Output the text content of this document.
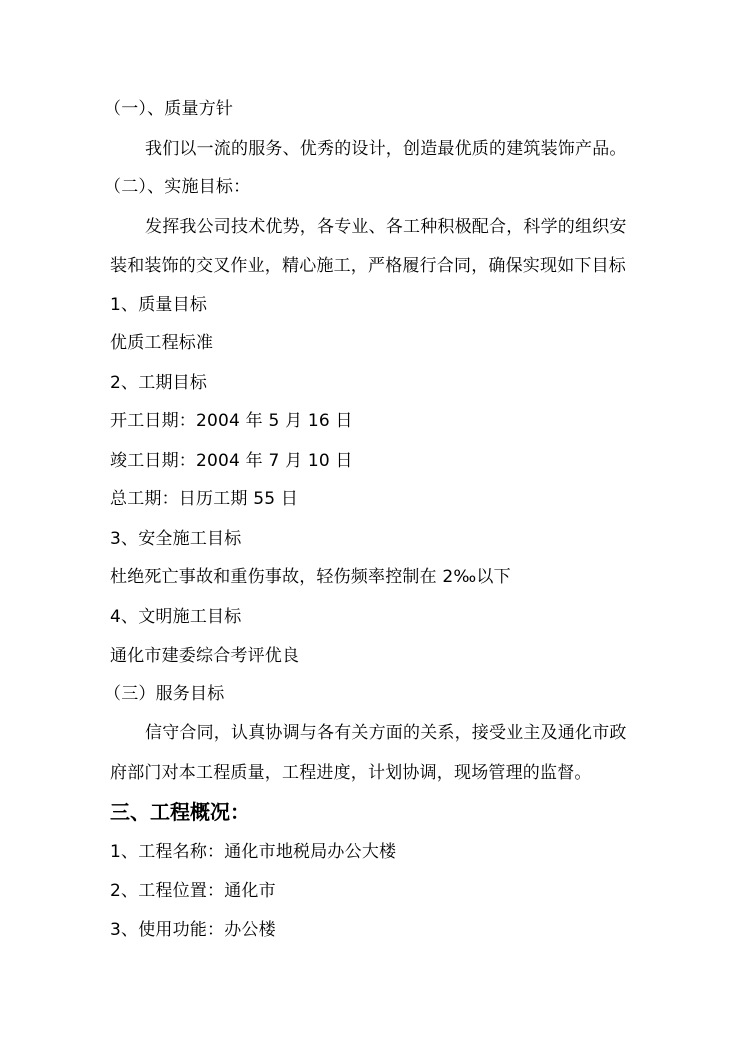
（一）、质量方针
我们以一流的服务、优秀的设计，创造最优质的建筑装饰产品。
（二）、实施目标：
发挥我公司技术优势，各专业、各工种积极配合，科学的组织安
装和装饰的交叉作业，精心施工，严格履行合同，确保实现如下目标
1、质量目标
优质工程标准
2、工期目标
开工日期：2004 年 5 月 16 日
竣工日期：2004 年 7 月 10 日
总工期：日历工期 55 日
3、安全施工目标
杜绝死亡事故和重伤事故，轻伤频率控制在 2‰以下
4、文明施工目标
通化市建委综合考评优良
（三）服务目标
信守合同，认真协调与各有关方面的关系，接受业主及通化市政
府部门对本工程质量，工程进度，计划协调，现场管理的监督。
三、工程概况：
1、工程名称：通化市地税局办公大楼
2、工程位置：通化市
3、使用功能：办公楼
